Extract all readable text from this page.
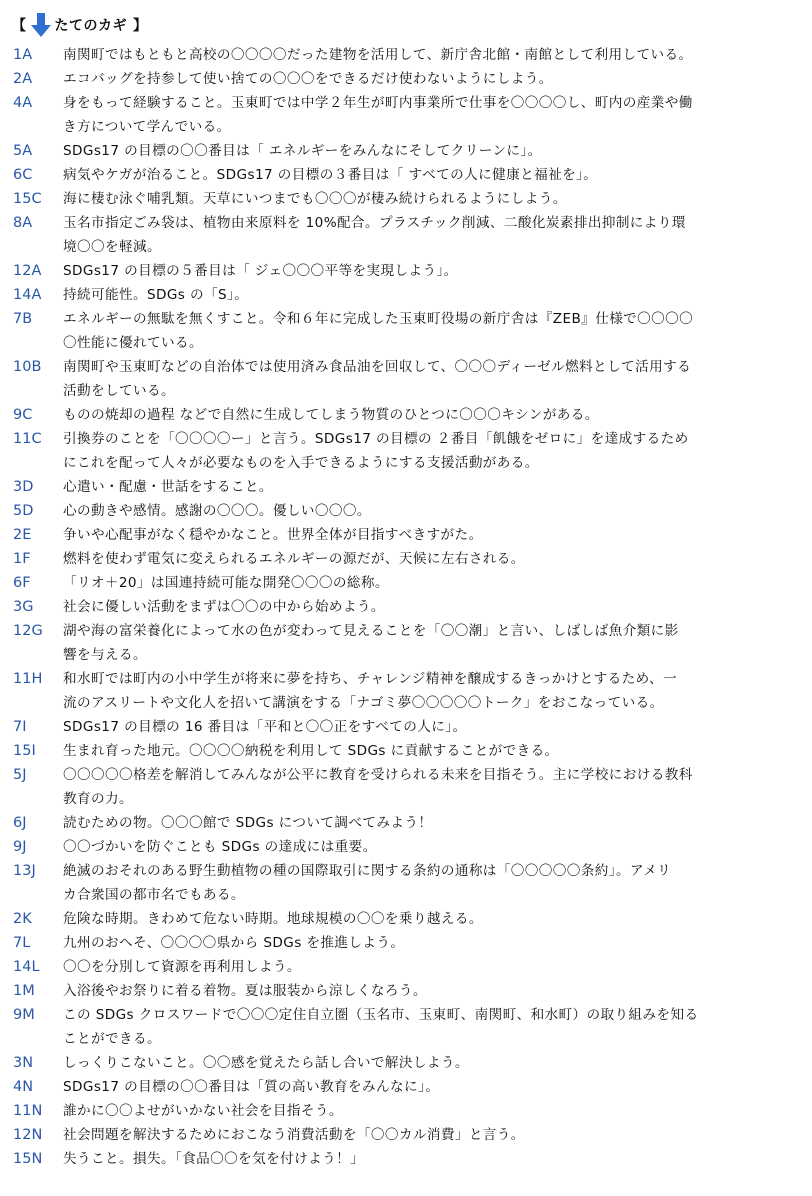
【 たてのカギ 】
1A 南関町ではもともと高校の〇〇〇〇だった建物を活用して、新庁舎北館・南館として利用している。
2A エコバッグを持参して使い捨ての〇〇〇をできるだけ使わないようにしよう。
4A 身をもって経験すること。玉東町では中学２年生が町内事業所で仕事を〇〇〇〇し、町内の産業や働
き方について学んでいる。
5A SDGs17 の目標の〇〇番目は「 エネルギーをみんなにそしてクリーンに」。
6C 病気やケガが治ること。SDGs17 の目標の３番目は「 すべての人に健康と福祉を」。
15C 海に棲む泳ぐ哺乳類。天草にいつまでも〇〇〇が棲み続けられるようにしよう。
8A 玉名市指定ごみ袋は、植物由来原料を 10%配合。プラスチック削減、二酸化炭素排出抑制により環
境〇〇を軽減。
12A SDGs17 の目標の５番目は「 ジェ〇〇〇平等を実現しよう」。
14A 持続可能性。SDGs の「S」。
7B エネルギーの無駄を無くすこと。令和６年に完成した玉東町役場の新庁舎は『ZEB』仕様で〇〇〇〇
〇性能に優れている。
10B 南関町や玉東町などの自治体では使用済み食品油を回収して、〇〇〇ディーゼル燃料として活用する
活動をしている。
9C ものの焼却の過程 などで自然に生成してしまう物質のひとつに〇〇〇キシンがある。
11C 引換券のことを「〇〇〇〇ー」と言う。SDGs17 の目標の ２番目「飢餓をゼロに」を達成するため
にこれを配って人々が必要なものを入手できるようにする支援活動がある。
3D 心遣い・配慮・世話をすること。
5D 心の動きや感情。感謝の〇〇〇。優しい〇〇〇。
2E 争いや心配事がなく穏やかなこと。世界全体が目指すべきすがた。
1F 燃料を使わず電気に変えられるエネルギーの源だが、天候に左右される。
6F 「リオ＋20」は国連持続可能な開発〇〇〇の総称。
3G 社会に優しい活動をまずは〇〇の中から始めよう。
12G 湖や海の富栄養化によって水の色が変わって見えることを「〇〇潮」と言い、しばしば魚介類に影
響を与える。
11H 和水町では町内の小中学生が将来に夢を持ち、チャレンジ精神を醸成するきっかけとするため、一
流のアスリートや文化人を招いて講演をする「ナゴミ夢〇〇〇〇〇トーク」をおこなっている。
7I	SDGs17 の目標の 16 番目は「平和と〇〇正をすべての人に」。
15I 生まれ育った地元。〇〇〇〇納税を利用して SDGs に貢献することができる。
5J	〇〇〇〇〇格差を解消してみんなが公平に教育を受けられる未来を目指そう。主に学校における教科
教育の力。
6J	読むための物。〇〇〇館で SDGs について調べてみよう！
9J	〇〇づかいを防ぐことも SDGs の達成には重要。
13J 絶滅のおそれのある野生動植物の種の国際取引に関する条約の通称は「〇〇〇〇〇条約」。アメリ
カ合衆国の都市名でもある。
2K 危険な時期。きわめて危ない時期。地球規模の〇〇を乗り越える。
7L 九州のおへそ、〇〇〇〇県から SDGs を推進しよう。
14L 〇〇を分別して資源を再利用しよう。
1M 入浴後やお祭りに着る着物。夏は服装から涼しくなろう。
9M この SDGs クロスワードで〇〇〇定住自立圏（玉名市、玉東町、南関町、和水町）の取り組みを知る
ことができる。
3N しっくりこないこと。〇〇感を覚えたら話し合いで解決しよう。
4N SDGs17 の目標の〇〇番目は「質の高い教育をみんなに」。
11N 誰かに〇〇よせがいかない社会を目指そう。
12N 社会問題を解決するためにおこなう消費活動を「〇〇カル消費」と言う。
15N 失うこと。損失。「食品〇〇を気を付けよう！」
